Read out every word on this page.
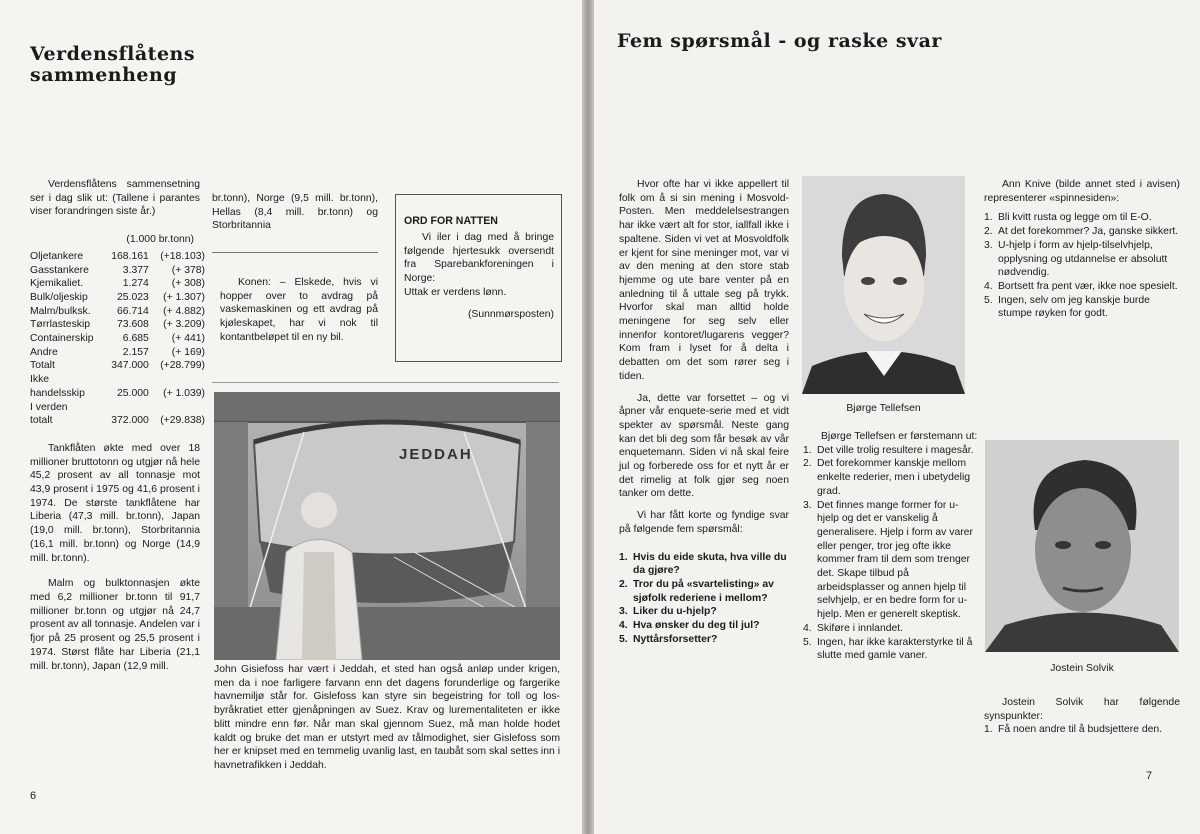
Verdensflåtens
sammenheng

Verdensflåtens sammensetning ser i dag slik ut: (Tallene i parantes viser forandringen siste år.)

(1.000 br.tonn)

Oljetankere	168.161	(+18.103)
Gasstankere	3.377	(+ 378)
Kjemikaliet.	1.274	(+ 308)
Bulk/oljeskip	25.023	(+ 1.307)
Malm/bulksk.	66.714	(+ 4.882)
Tørrlasteskip	73.608	(+ 3.209)
Containerskip	6.685	(+ 441)
Andre	2.157	(+ 169)
Totalt	347.000	(+28.799)
Ikke		
handelsskip	25.000	(+ 1.039)
I verden		
totalt	372.000	(+29.838)

Tankflåten økte med over 18 millioner bruttotonn og utgjør nå hele 45,2 prosent av all tonnasje mot 43,9 prosent i 1975 og 41,6 prosent i 1974. De største tankflåtene har Liberia (47,3 mill. br.tonn), Japan (19,0 mill. br.tonn), Storbritannia (16,1 mill. br.tonn) og Norge (14,9 mill. br.tonn).

Malm og bulktonnasjen økte med 6,2 millioner br.tonn til 91,7 millioner br.tonn og utgjør nå 24,7 prosent av all tonnasje. Andelen var i fjor på 25 prosent og 25,5 prosent i 1974. Størst flåte har Liberia (21,1 mill. br.tonn), Japan (12,9 mill.

br.tonn), Norge (9,5 mill. br.tonn), Hellas (8,4 mill. br.tonn) og Storbritannia

Konen: – Elskede, hvis vi hopper over to avdrag på vaskemaskinen og ett avdrag på kjøleskapet, har vi nok til kontantbeløpet til en ny bil.

ORD FOR NATTEN

Vi iler i dag med å bringe følgende hjertesukk oversendt fra Sparebankforeningen i Norge:

Uttak er verdens lønn.

(Sunnmørsposten)

JEDDAH
John Gisiefoss har vært i Jeddah, et sted han også anløp under krigen, men da i noe farligere farvann enn det dagens forunderlige og fargerike havnemiljø står for. Gislefoss kan styre sin begeistring for toll og los-byråkratiet etter gjenåpningen av Suez. Krav og lurementaliteten er ikke blitt mindre enn før. Når man skal gjennom Suez, må man holde hodet kaldt og bruke det man er utstyrt med av tålmodighet, sier Gislefoss som her er knipset med en temmelig uvanlig last, en taubåt som skal settes inn i havnetrafikken i Jeddah.
6
Fem spørsmål - og raske svar

Hvor ofte har vi ikke appellert til folk om å si sin mening i Mosvold-Posten. Men meddelelsestrangen har ikke vært alt for stor, iallfall ikke i spaltene. Siden vi vet at Mosvoldfolk er kjent for sine meninger mot, var vi av den mening at den store stab hjemme og ute bare venter på en anledning til å uttale seg på trykk. Hvorfor skal man alltid holde meningene for seg selv eller innenfor kontoret/lugarens vegger? Kom fram i lyset for å delta i debatten om det som rører seg i tiden.

Ja, dette var forsettet – og vi åpner vår enquete-serie med et vidt spekter av spørsmål. Neste gang kan det bli deg som får besøk av vår enquetemann. Siden vi nå skal feire jul og forberede oss for et nytt år er det rimelig at folk gjør seg noen tanker om dette.

Vi har fått korte og fyndige svar på følgende fem spørsmål:

1. Hvis du eide skuta, hva ville du da gjøre?
2. Tror du på «svartelisting» av sjøfolk rederiene i mellom?
3. Liker du u-hjelp?
4. Hva ønsker du deg til jul?
5. Nyttårsforsetter?
Bjørge Tellefsen

Bjørge Tellefsen er førstemann ut:

1. Det ville trolig resultere i magesår.
2. Det forekommer kanskje mellom enkelte rederier, men i ubetydelig grad.
3. Det finnes mange former for u-hjelp og det er vanskelig å generalisere. Hjelp i form av varer eller penger, tror jeg ofte ikke kommer fram til dem som trenger det. Skape tilbud på arbeidsplasser og annen hjelp til selvhjelp, er en bedre form for u-hjelp. Men er generelt skeptisk.
4. Skiføre i innlandet.
5. Ingen, har ikke karakterstyrke til å slutte med gamle vaner.

Ann Knive (bilde annet sted i avisen) representerer «spinnesiden»:

1. Bli kvitt rusta og legge om til E-O.
2. At det forekommer? Ja, ganske sikkert.
3. U-hjelp i form av hjelp-tilselvhjelp, opplysning og utdannelse er absolutt nødvendig.
4. Bortsett fra pent vær, ikke noe spesielt.
5. Ingen, selv om jeg kanskje burde stumpe røyken for godt.
Jostein Solvik

Jostein Solvik har følgende synspunkter:

1. Få noen andre til å budsjettere den.
7
